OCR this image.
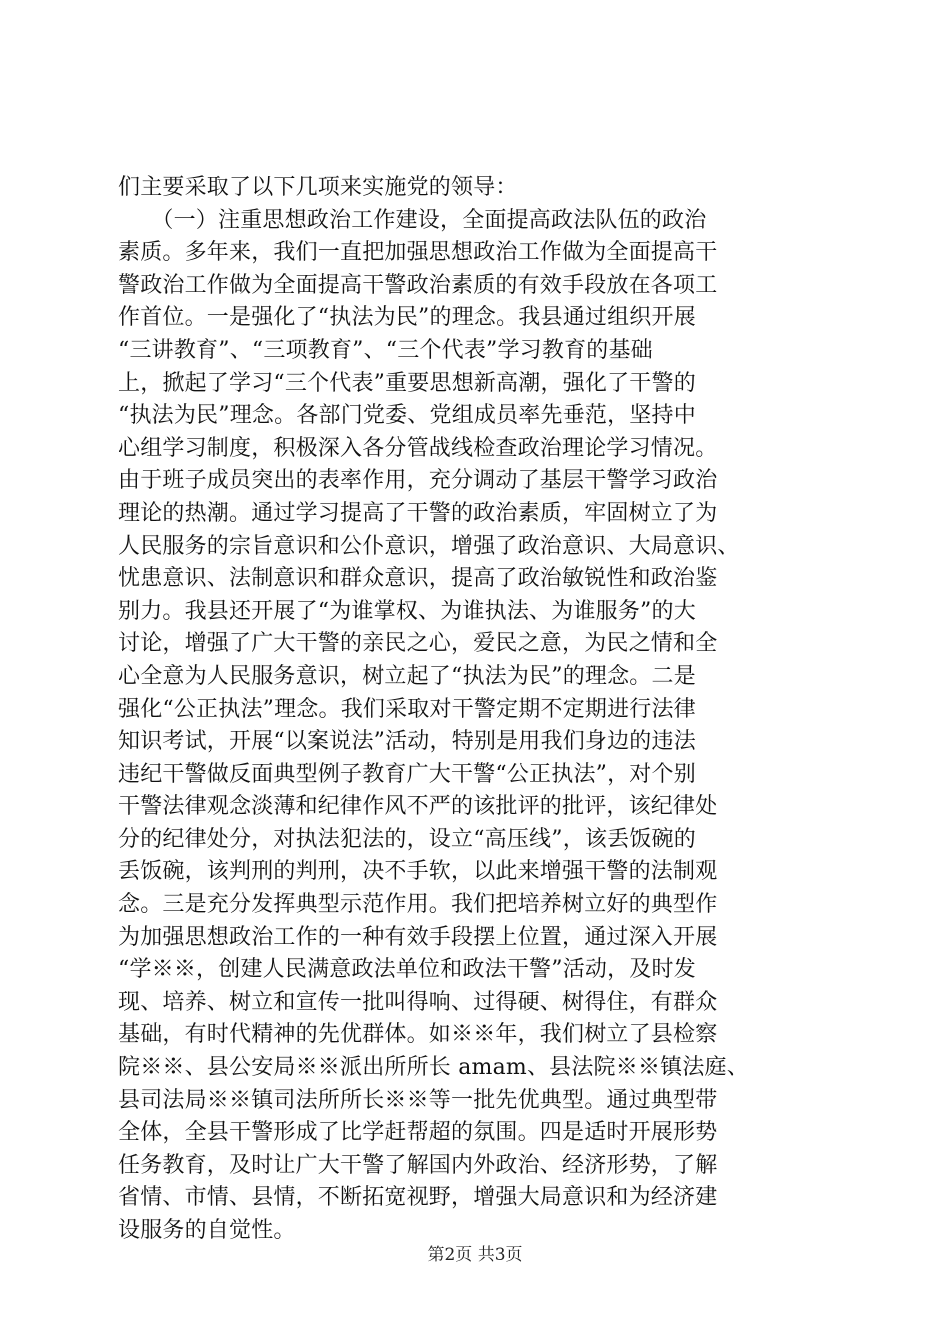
们主要采取了以下几项来实施党的领导：
　　（一）注重思想政治工作建设，全面提高政法队伍的政治
素质。多年来，我们一直把加强思想政治工作做为全面提高干
警政治工作做为全面提高干警政治素质的有效手段放在各项工
作首位。一是强化了“执法为民”的理念。我县通过组织开展
“三讲教育”、“三项教育”、“三个代表”学习教育的基础
上，掀起了学习“三个代表”重要思想新高潮，强化了干警的
“执法为民”理念。各部门党委、党组成员率先垂范，坚持中
心组学习制度，积极深入各分管战线检查政治理论学习情况。
由于班子成员突出的表率作用，充分调动了基层干警学习政治
理论的热潮。通过学习提高了干警的政治素质，牢固树立了为
人民服务的宗旨意识和公仆意识，增强了政治意识、大局意识、
忧患意识、法制意识和群众意识，提高了政治敏锐性和政治鉴
别力。我县还开展了“为谁掌权、为谁执法、为谁服务”的大
讨论，增强了广大干警的亲民之心，爱民之意，为民之情和全
心全意为人民服务意识，树立起了“执法为民”的理念。二是
强化“公正执法”理念。我们采取对干警定期不定期进行法律
知识考试，开展“以案说法”活动，特别是用我们身边的违法
违纪干警做反面典型例子教育广大干警“公正执法”，对个别
干警法律观念淡薄和纪律作风不严的该批评的批评，该纪律处
分的纪律处分，对执法犯法的，设立“高压线”，该丢饭碗的
丢饭碗，该判刑的判刑，决不手软，以此来增强干警的法制观
念。三是充分发挥典型示范作用。我们把培养树立好的典型作
为加强思想政治工作的一种有效手段摆上位置，通过深入开展
“学※※，创建人民满意政法单位和政法干警”活动，及时发
现、培养、树立和宣传一批叫得响、过得硬、树得住，有群众
基础，有时代精神的先优群体。如※※年，我们树立了县检察
院※※、县公安局※※派出所所长 amam、县法院※※镇法庭、
县司法局※※镇司法所所长※※等一批先优典型。通过典型带
全体，全县干警形成了比学赶帮超的氛围。四是适时开展形势
任务教育，及时让广大干警了解国内外政治、经济形势，了解
省情、市情、县情，不断拓宽视野，增强大局意识和为经济建
设服务的自觉性。
第2页 共3页
